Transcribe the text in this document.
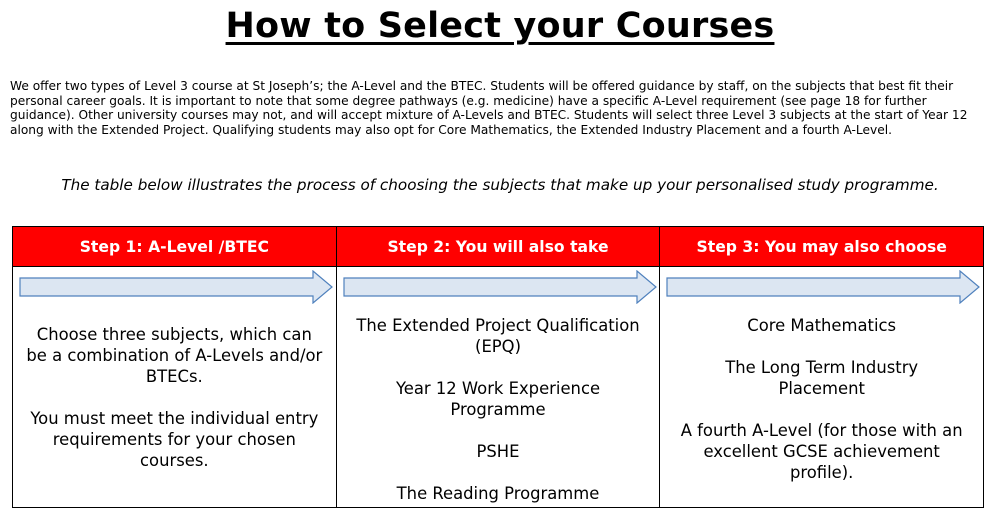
How to Select your Courses
We offer two types of Level 3 course at St Joseph’s; the A-Level and the BTEC. Students will be offered guidance by staff, on the subjects that best fit their personal career goals. It is important to note that some degree pathways (e.g. medicine) have a specific A-Level requirement (see page 18 for further guidance). Other university courses may not, and will accept mixture of A-Levels and BTEC. Students will select three Level 3 subjects at the start of Year 12 along with the Extended Project. Qualifying students may also opt for Core Mathematics, the Extended Industry Placement and a fourth A-Level.
The table below illustrates the process of choosing the subjects that make up your personalised study programme.
Step 1: A-Level /BTEC

Choose three subjects, which can be a combination of A-Levels and/or BTECs.

You must meet the individual entry requirements for your chosen courses.

Step 2: You will also take

The Extended Project Qualification (EPQ)

Year 12 Work Experience Programme

PSHE

The Reading Programme

Step 3: You may also choose

Core Mathematics

The Long Term Industry Placement

A fourth A-Level (for those with an excellent GCSE achievement profile).
